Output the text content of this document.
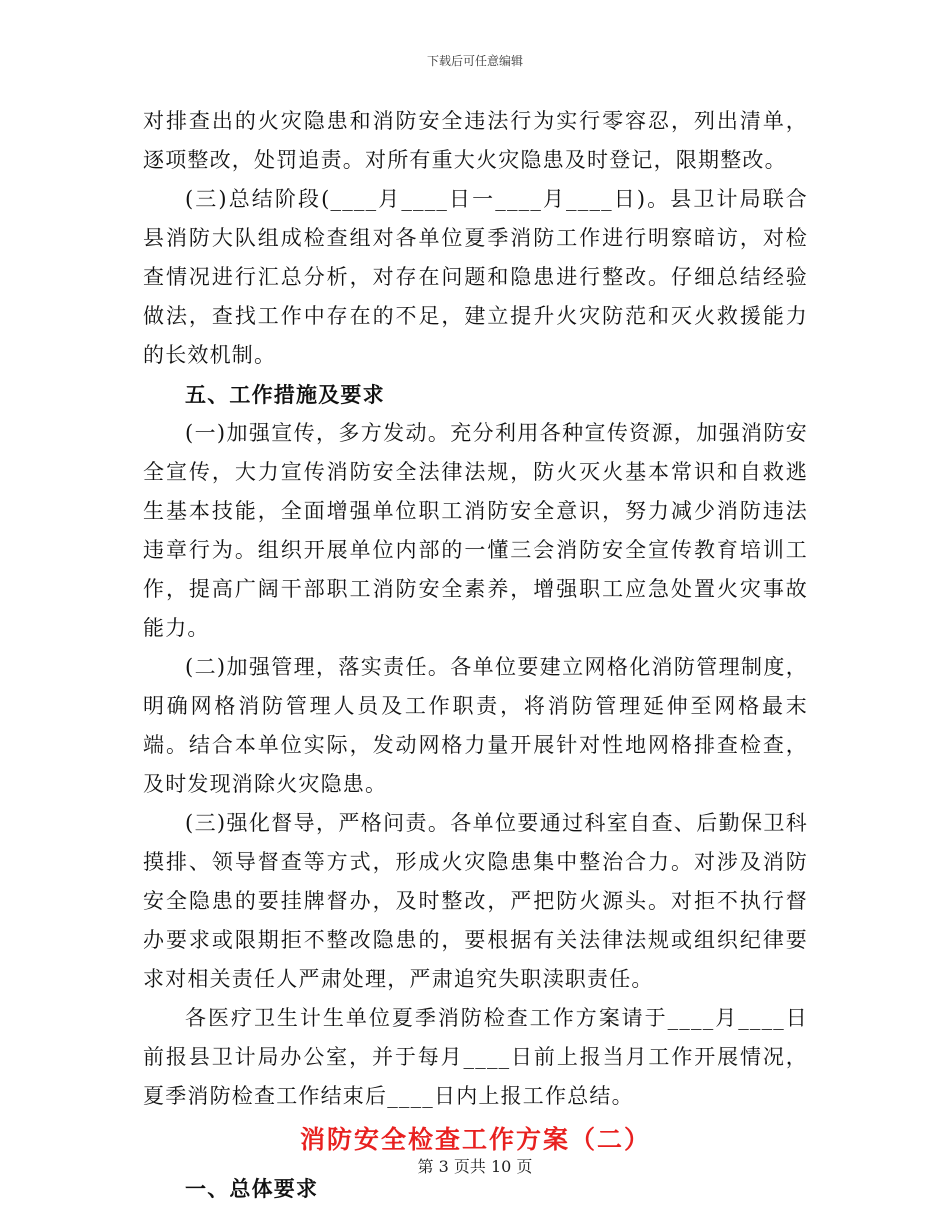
下载后可任意编辑

对排查出的火灾隐患和消防安全违法行为实行零容忍，列出清单，逐项整改，处罚追责。对所有重大火灾隐患及时登记，限期整改。

(三)总结阶段(____月____日一____月____日)。县卫计局联合县消防大队组成检查组对各单位夏季消防工作进行明察暗访，对检查情况进行汇总分析，对存在问题和隐患进行整改。仔细总结经验做法，查找工作中存在的不足，建立提升火灾防范和灭火救援能力的长效机制。

五、工作措施及要求

(一)加强宣传，多方发动。充分利用各种宣传资源，加强消防安全宣传，大力宣传消防安全法律法规，防火灭火基本常识和自救逃生基本技能，全面增强单位职工消防安全意识，努力减少消防违法违章行为。组织开展单位内部的一懂三会消防安全宣传教育培训工作，提高广阔干部职工消防安全素养，增强职工应急处置火灾事故能力。

(二)加强管理，落实责任。各单位要建立网格化消防管理制度，明确网格消防管理人员及工作职责，将消防管理延伸至网格最末端。结合本单位实际，发动网格力量开展针对性地网格排查检查，及时发现消除火灾隐患。

(三)强化督导，严格问责。各单位要通过科室自查、后勤保卫科摸排、领导督查等方式，形成火灾隐患集中整治合力。对涉及消防安全隐患的要挂牌督办，及时整改，严把防火源头。对拒不执行督办要求或限期拒不整改隐患的，要根据有关法律法规或组织纪律要求对相关责任人严肃处理，严肃追究失职渎职责任。

各医疗卫生计生单位夏季消防检查工作方案请于____月____日前报县卫计局办公室，并于每月____日前上报当月工作开展情况，夏季消防检查工作结束后____日内上报工作总结。

消防安全检查工作方案（二）
一、总体要求
第 3 页共 10 页
